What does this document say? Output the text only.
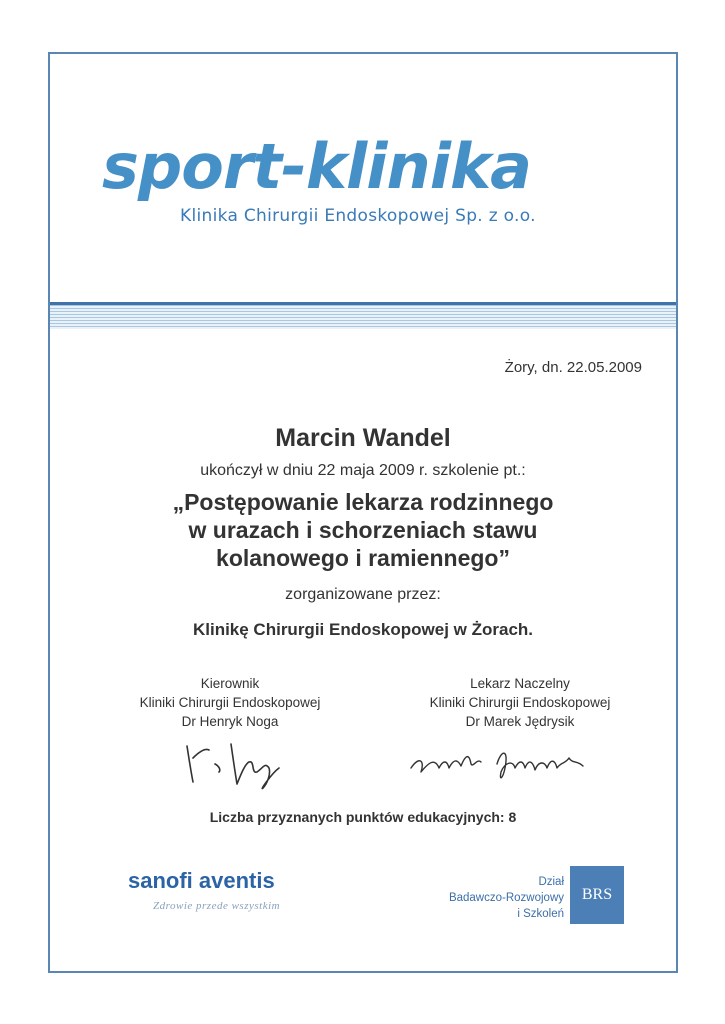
sport-klinika
Klinika Chirurgii Endoskopowej Sp. z o.o.
Żory, dn. 22.05.2009
Marcin Wandel
ukończył w dniu 22 maja 2009 r. szkolenie pt.:
„Postępowanie lekarza rodzinnego
w urazach i schorzeniach stawu
kolanowego i ramiennego”
zorganizowane przez:
Klinikę Chirurgii Endoskopowej w Żorach.
Kierownik
Kliniki Chirurgii Endoskopowej
Dr Henryk Noga
Lekarz Naczelny
Kliniki Chirurgii Endoskopowej
Dr Marek Jędrysik
Liczba przyznanych punktów edukacyjnych: 8
sanofi aventis
Zdrowie przede wszystkim
Dział
Badawczo-Rozwojowy
i Szkoleń
BRS
